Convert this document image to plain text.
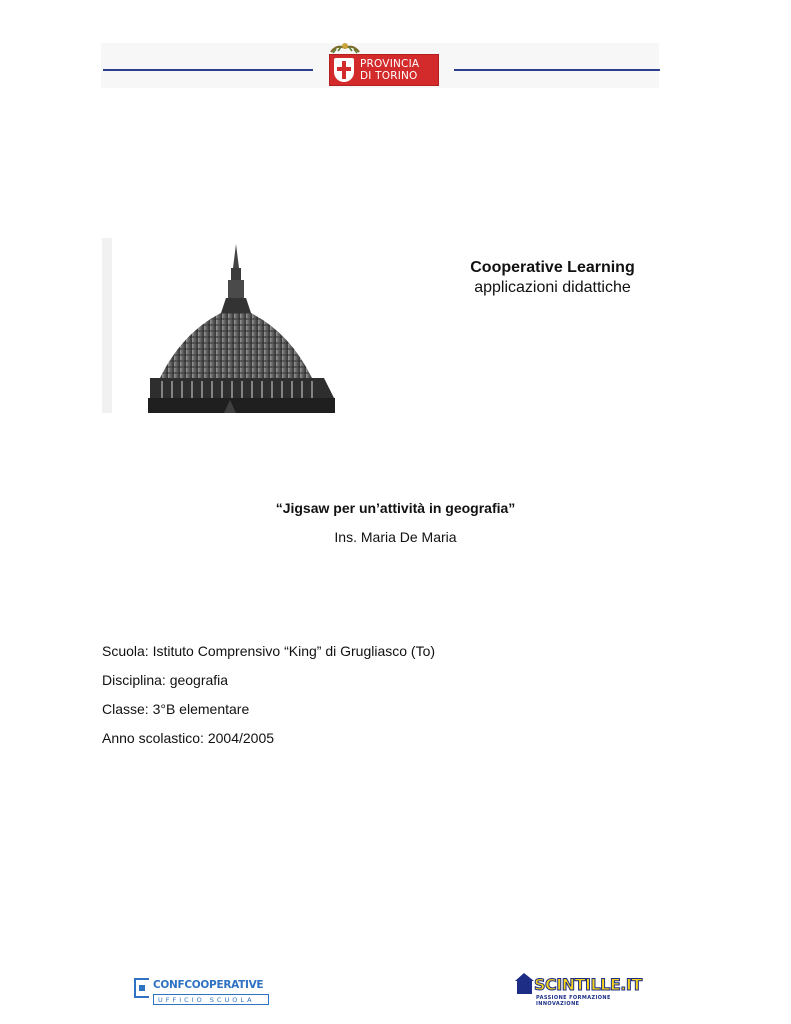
PROVINCIA
DI TORINO
Cooperative Learning
applicazioni didattiche
“Jigsaw per un’attività in geografia”
Ins. Maria De Maria
Scuola: Istituto Comprensivo “King” di Grugliasco (To)
Disciplina: geografia
Classe: 3°B elementare
Anno scolastico: 2004/2005
CONFCOOPERATIVE
UFFICIO SCUOLA
SCINTILLE.IT
PASSIONE FORMAZIONE INNOVAZIONE
